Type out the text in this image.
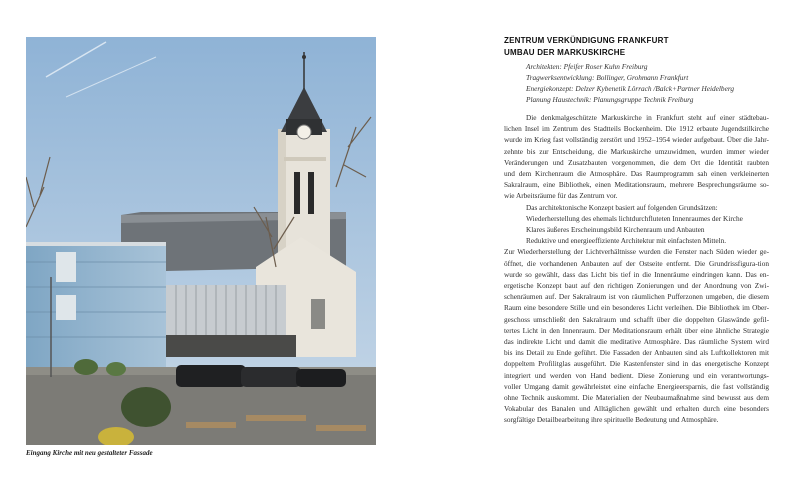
Eingang Kirche mit neu gestalteter Fassade
ZENTRUM VERKÜNDIGUNG FRANKFURT
UMBAU DER MARKUSKIRCHE
Architekten: Pfeifer Roser Kuhn Freiburg
Tragwerksentwicklung: Bollinger, Grohmann Frankfurt
Energiekonzept: Delzer Kybenetik Lörrach /Balck+Partner Heidelberg
Planung Haustechnik: Planungsgruppe Technik Freiburg
Die denkmalgeschützte Markuskirche in Frankfurt steht auf einer städtebau-
lichen Insel im Zentrum des Stadtteils Bockenheim. Die 1912 erbaute Jugendstilkirche
wurde im Krieg fast vollständig zerstört und 1952–1954 wieder aufgebaut. Über die Jahr-
zehnte bis zur Entscheidung, die Markuskirche umzuwidmen, wurden immer wieder
Veränderungen und Zusatzbauten vorgenommen, die dem Ort die Identität raubten
und dem Kirchenraum die Atmosphäre. Das Raumprogramm sah einen verkleinerten
Sakralraum, eine Bibliothek, einen Meditationsraum, mehrere Besprechungsräume so-
wie Arbeitsräume für das Zentrum vor.
Das architektonische Konzept basiert auf folgenden Grundsätzen:
Wiederherstellung des ehemals lichtdurchfluteten Innenraumes der Kirche
Klares äußeres Erscheinungsbild Kirchenraum und Anbauten
Reduktive und energieeffiziente Architektur mit einfachsten Mitteln.
Zur Wiederherstellung der Lichtverhältnisse wurden die Fenster nach Süden wieder ge-
öffnet, die vorhandenen Anbauten auf der Ostseite entfernt. Die Grundrissfigura-tion
wurde so gewählt, dass das Licht bis tief in die Innenräume eindringen kann. Das en-
ergetische Konzept baut auf den richtigen Zonierungen und der Anordnung von Zwi-
schenräumen auf. Der Sakralraum ist von räumlichen Pufferzonen umgeben, die diesem
Raum eine besondere Stille und ein besonderes Licht verleihen. Die Bibliothek im Ober-
geschoss umschließt den Sakralraum und schafft über die doppelten Glaswände gefil-
tertes Licht in den Innenraum. Der Meditationsraum erhält über eine ähnliche Strategie
das indirekte Licht und damit die meditative Atmosphäre. Das räumliche System wird
bis ins Detail zu Ende geführt. Die Fassaden der Anbauten sind als Luftkollektoren mit
doppeltem Profilitglas ausgeführt. Die Kastenfenster sind in das energetische Konzept
integriert und werden von Hand bedient. Diese Zonierung und ein verantwortungs-
voller Umgang damit gewährleistet eine einfache Energieersparnis, die fast vollständig
ohne Technik auskommt. Die Materialien der Neubaumaßnahme sind bewusst aus dem
Vokabular des Banalen und Alltäglichen gewählt und erhalten durch eine besonders
sorgfältige Detailbearbeitung ihre spirituelle Bedeutung und Atmosphäre.
